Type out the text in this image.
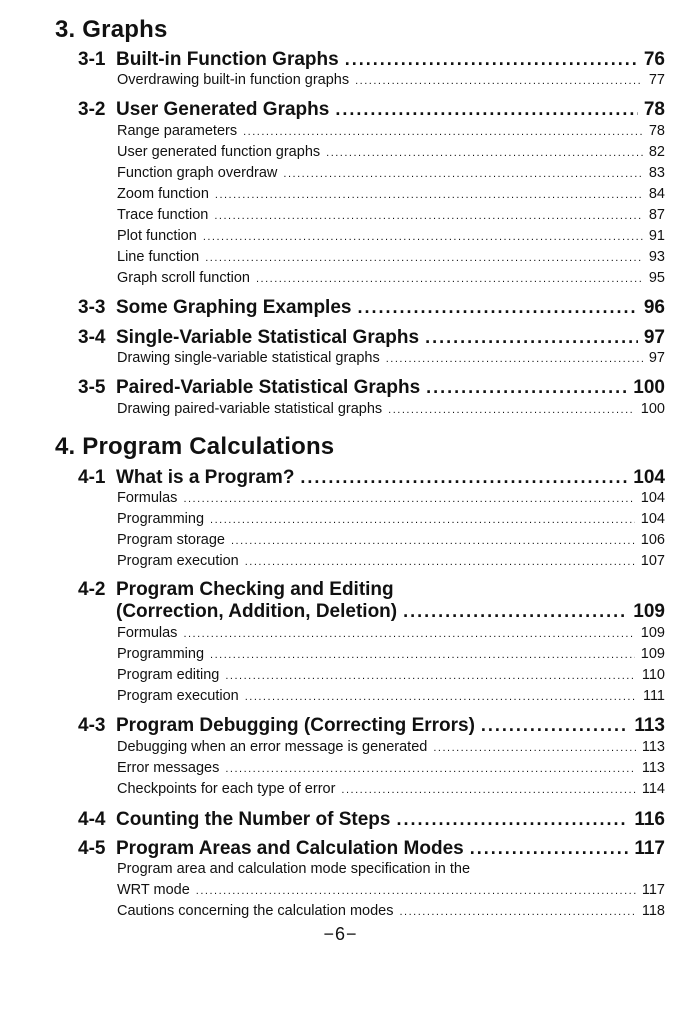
3. Graphs
3-1 Built-in Function Graphs .....	76
Overdrawing built-in function graphs .....	77
3-2 User Generated Graphs .....	78
Range parameters .....	78
User generated function graphs .....	82
Function graph overdraw .....	83
Zoom function .....	84
Trace function .....	87
Plot function .....	91
Line function .....	93
Graph scroll function .....	95
3-3 Some Graphing Examples .....	96
3-4 Single-Variable Statistical Graphs .....	97
Drawing single-variable statistical graphs .....	97
3-5 Paired-Variable Statistical Graphs .....	100
Drawing paired-variable statistical graphs .....	100
4. Program Calculations
4-1 What is a Program? .....	104
Formulas .....	104
Programming .....	104
Program storage .....	106
Program execution .....	107
4-2 Program Checking and Editing
(Correction, Addition, Deletion) .....	109
Formulas .....	109
Programming .....	109
Program editing .....	110
Program execution .....	111
4-3 Program Debugging (Correcting Errors) .....	113
Debugging when an error message is generated .....	113
Error messages .....	113
Checkpoints for each type of error .....	114
4-4 Counting the Number of Steps .....	116
4-5 Program Areas and Calculation Modes .....	117
Program area and calculation mode specification in the
WRT mode .....	117
Cautions concerning the calculation modes .....	118
−6−
